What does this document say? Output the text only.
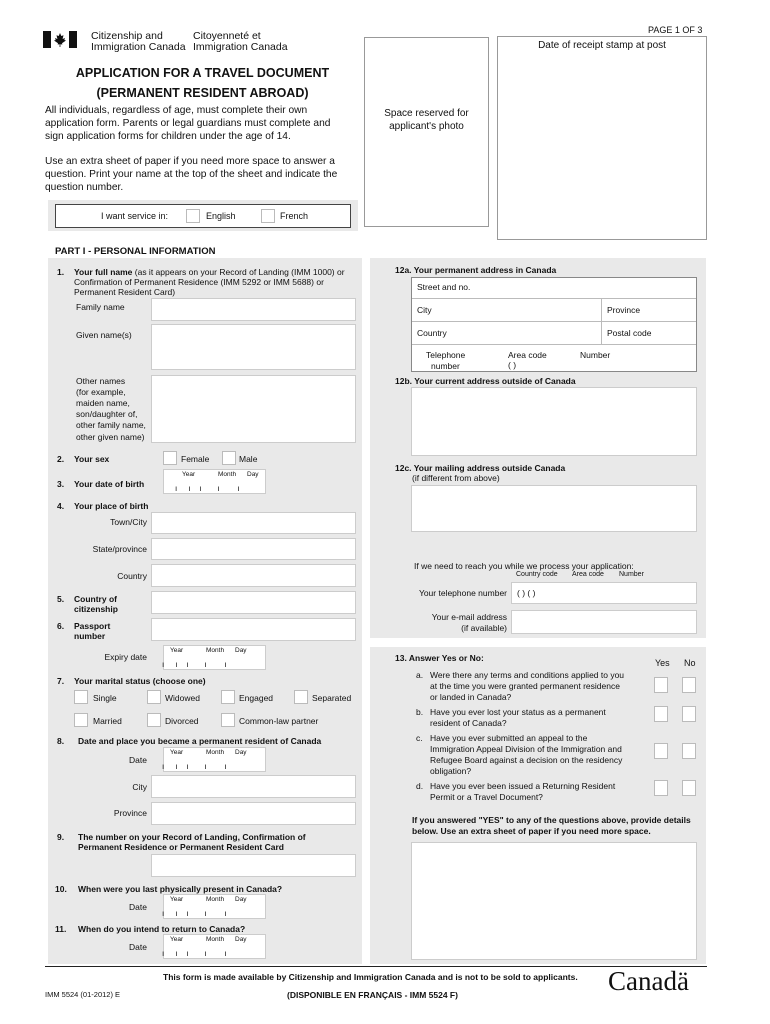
Citizenship and
Immigration Canada
Citoyenneté et
Immigration Canada
PAGE 1 OF 3
Space reserved for
applicant's photo
Date of receipt stamp at post
APPLICATION FOR A TRAVEL DOCUMENT
(PERMANENT RESIDENT ABROAD)
All individuals, regardless of age, must complete their own
application form. Parents or legal guardians must complete and
sign application forms for children under the age of 14.
Use an extra sheet of paper if you need more space to answer a
question. Print your name at the top of the sheet and indicate the
question number.
I want service in:	English	French
PART I - PERSONAL INFORMATION
1. Your full name (as it appears on your Record of Landing (IMM 1000) or
Confirmation of Permanent Residence (IMM 5292 or IMM 5688) or
Permanent Resident Card)
Family name
Given name(s)
Other names
(for example,
maiden name,
son/daughter of,
other family name,
other given name)
2. Your sex	Female	Male
3. Your date of birth
Year	Month Day
ı     ı    ı       ı        ı
4. Your place of birth
Town/City
State/province
Country
5. Country of
citizenship
6. Passport
number
Expiry date
Year	Month Day
ı     ı    ı       ı        ı
7. Your marital status (choose one)
Single	Widowed	Engaged	Separated
Married	Divorced	Common-law partner
8. Date and place you became a permanent resident of Canada
Date
Year	Month Day
ı     ı    ı       ı        ı
City
Province
9. The number on your Record of Landing, Confirmation of
Permanent Residence or Permanent Resident Card
10. When were you last physically present in Canada?
Date
Year	Month Day
ı     ı    ı       ı        ı
11. When do you intend to return to Canada?
Date
Year	Month Day
ı     ı    ı       ı        ı
12a. Your permanent address in Canada
Street and no.
City	Province
Country	Postal code
Telephone
number
Area code
( )
Number
12b. Your current address outside of Canada
12c. Your mailing address outside Canada
(if different from above)
If we need to reach you while we process your application:
Country code Area code Number
Your telephone number ( ) ( )
Your e-mail address
(if available)
13. Answer Yes or No:	Yes No
a. Were there any terms and conditions applied to you
at the time you were granted permanent residence
or landed in Canada?
b. Have you ever lost your status as a permanent
resident of Canada?
c. Have you ever submitted an appeal to the
Immigration Appeal Division of the Immigration and
Refugee Board against a decision on the residency
obligation?
d. Have you ever been issued a Returning Resident
Permit or a Travel Document?
If you answered "YES" to any of the questions above, provide details
below. Use an extra sheet of paper if you need more space.
This form is made available by Citizenship and Immigration Canada and is not to be sold to applicants.
IMM 5524 (01-2012) E	(DISPONIBLE EN FRANÇAIS - IMM 5524 F)	Canadä
